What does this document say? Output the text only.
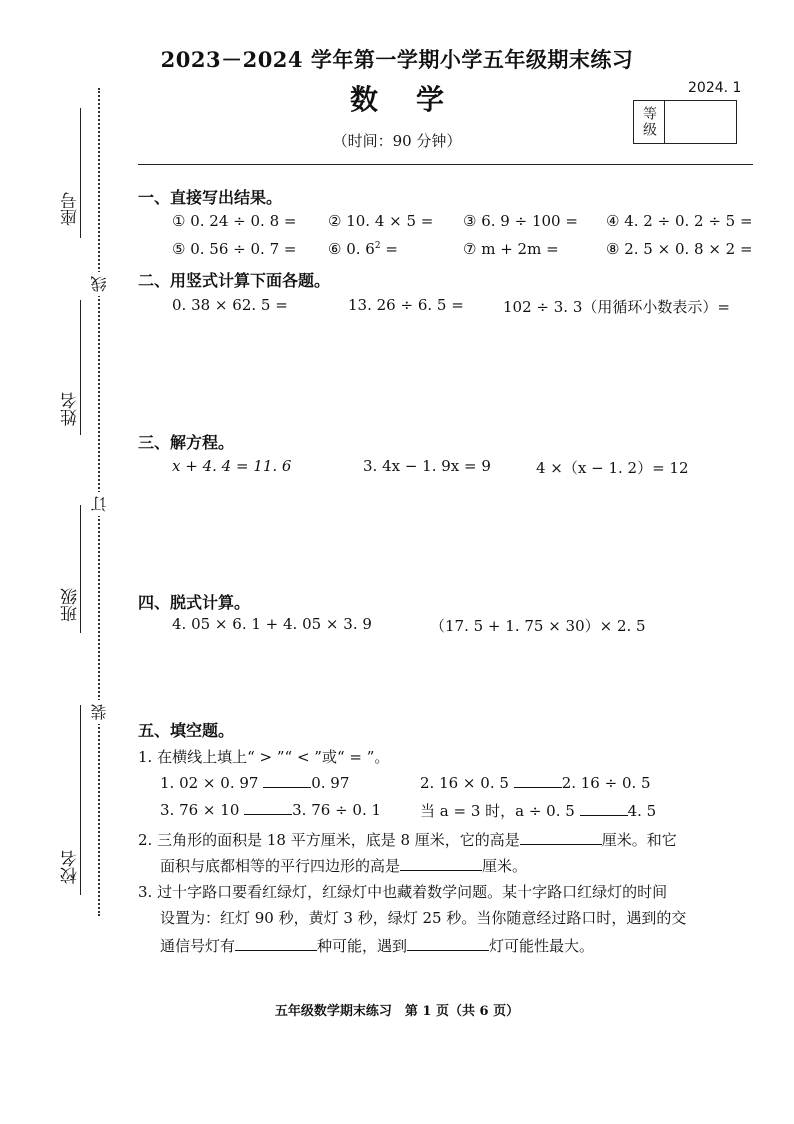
2023－2024 学年第一学期小学五年级期末练习
数学	2024. 1
（时间：90 分钟）
等级
线
订
装
座号
姓名
班级
校名
一、直接写出结果。
① 0. 24 ÷ 0. 8 = ② 10. 4 × 5 = ③ 6. 9 ÷ 100 = ④ 4. 2 ÷ 0. 2 ÷ 5 =
⑤ 0. 56 ÷ 0. 7 = ⑥ 0. $6^2$ =	⑦ m + 2m =	⑧ 2. 5 × 0. 8 × 2 =
二、用竖式计算下面各题。
0. 38 × 62. 5 =	13. 26 ÷ 6. 5 =	102 ÷ 3. 3（用循环小数表示）=
三、解方程。
x + 4. 4 = 11. 6	3. 4x − 1. 9x = 9	4 ×（x − 1. 2）= 12
四、脱式计算。
4. 05 × 6. 1 + 4. 05 × 3. 9	（17. 5 + 1. 75 × 30）× 2. 5
五、填空题。
1. 在横线上填上“ > ”“ < ”或“ = ”。
1. 02 × 0. 97	0. 97	2. 16 × 0. 5	2. 16 ÷ 0. 5
3. 76 × 10	3. 76 ÷ 0. 1	当 a = 3 时，a ÷ 0. 5	4. 5
2. 三角形的面积是 18 平方厘米，底是 8 厘米，它的高是	厘米。和它
面积与底都相等的平行四边形的高是	厘米。
3. 过十字路口要看红绿灯，红绿灯中也藏着数学问题。某十字路口红绿灯的时间
设置为：红灯 90 秒，黄灯 3 秒，绿灯 25 秒。当你随意经过路口时，遇到的交
通信号灯有	种可能，遇到	灯可能性最大。
五年级数学期末练习　第 1 页（共 6 页）
